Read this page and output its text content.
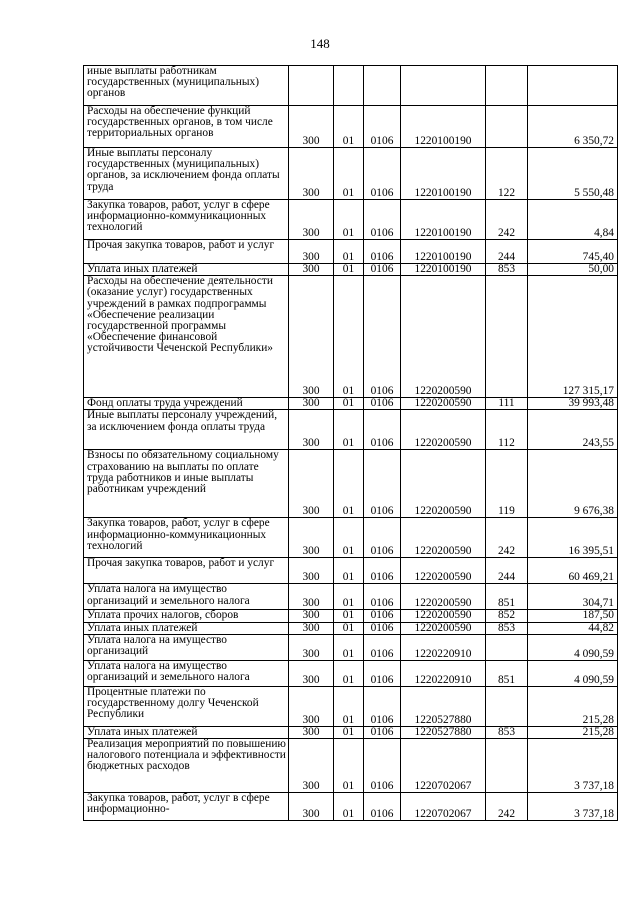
148
иные выплаты работникам государственных (муниципальных) органов						
Расходы на обеспечение функций государственных органов, в том числе территориальных органов	300	01	0106	1220100190		6 350,72
Иные выплаты персоналу государственных (муниципальных) органов, за исключением фонда оплаты труда	300	01	0106	1220100190	122	5 550,48
Закупка товаров, работ, услуг в сфере информационно-коммуникационных технологий	300	01	0106	1220100190	242	4,84
Прочая закупка товаров, работ и услуг	300	01	0106	1220100190	244	745,40
Уплата иных платежей	300	01	0106	1220100190	853	50,00
Расходы на обеспечение деятельности (оказание услуг) государственных учреждений в рамках подпрограммы «Обеспечение реализации государственной программы «Обеспечение финансовой устойчивости Чеченской Республики»	300	01	0106	1220200590		127 315,17
Фонд оплаты труда учреждений	300	01	0106	1220200590	111	39 993,48
Иные выплаты персоналу учреждений, за исключением фонда оплаты труда	300	01	0106	1220200590	112	243,55
Взносы по обязательному социальному страхованию на выплаты по оплате труда работников и иные выплаты работникам учреждений	300	01	0106	1220200590	119	9 676,38
Закупка товаров, работ, услуг в сфере информационно-коммуникационных технологий	300	01	0106	1220200590	242	16 395,51
Прочая закупка товаров, работ и услуг	300	01	0106	1220200590	244	60 469,21
Уплата налога на имущество организаций и земельного налога	300	01	0106	1220200590	851	304,71
Уплата прочих налогов, сборов	300	01	0106	1220200590	852	187,50
Уплата иных платежей	300	01	0106	1220200590	853	44,82
Уплата налога на имущество организаций	300	01	0106	1220220910		4 090,59
Уплата налога на имущество организаций и земельного налога	300	01	0106	1220220910	851	4 090,59
Процентные платежи по государственному долгу Чеченской Республики	300	01	0106	1220527880		215,28
Уплата иных платежей	300	01	0106	1220527880	853	215,28
Реализация мероприятий по повышению налогового потенциала и эффективности бюджетных расходов	300	01	0106	1220702067		3 737,18
Закупка товаров, работ, услуг в сфере информационно-	300	01	0106	1220702067	242	3 737,18
